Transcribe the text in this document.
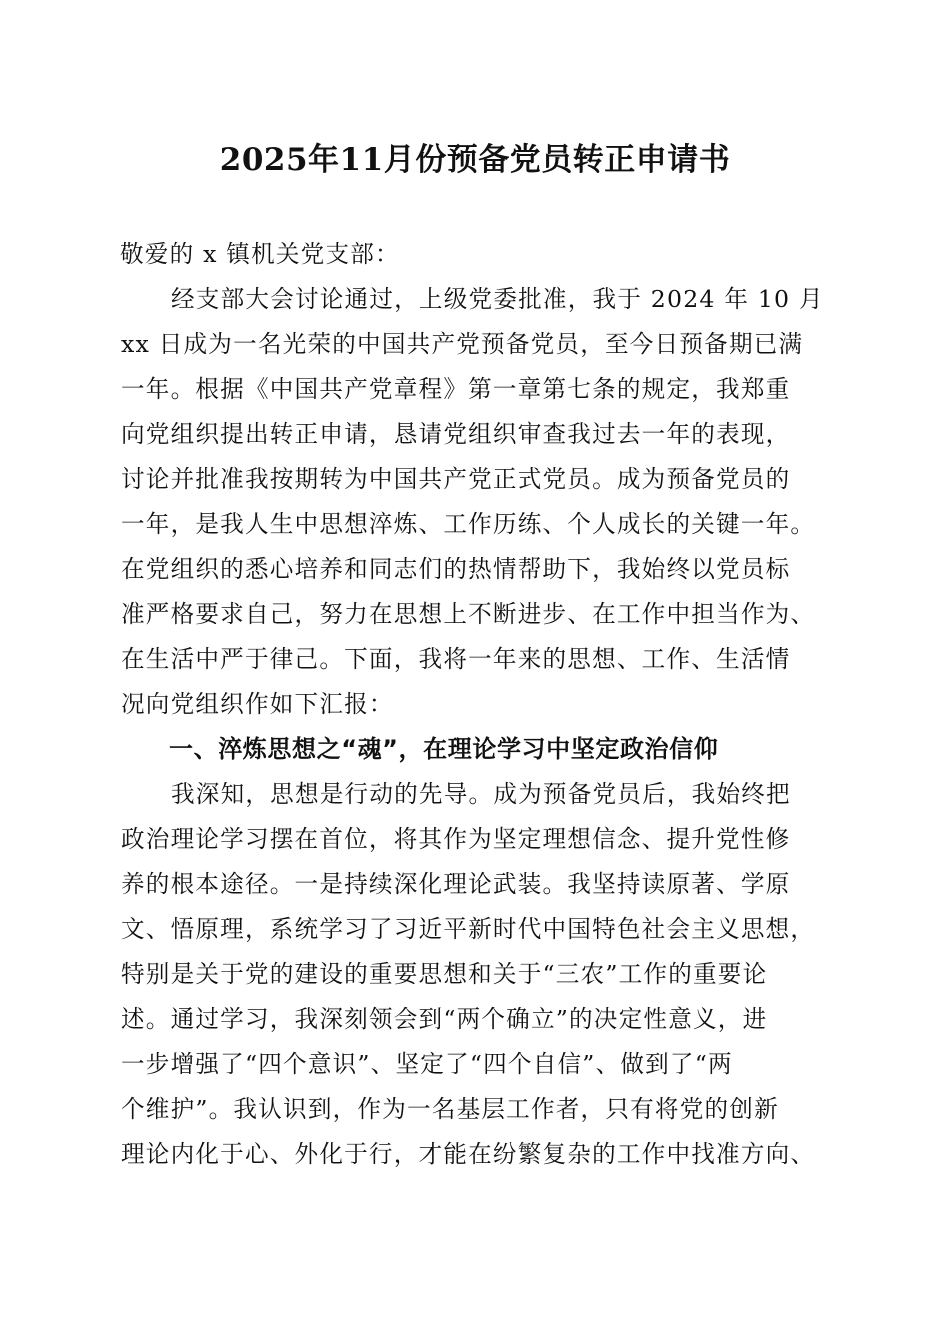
2025年11月份预备党员转正申请书
敬爱的 x 镇机关党支部：
经支部大会讨论通过，上级党委批准，我于 2024 年 10 月
xx 日成为一名光荣的中国共产党预备党员，至今日预备期已满
一年。根据《中国共产党章程》第一章第七条的规定，我郑重
向党组织提出转正申请，恳请党组织审查我过去一年的表现，
讨论并批准我按期转为中国共产党正式党员。成为预备党员的
一年，是我人生中思想淬炼、工作历练、个人成长的关键一年。
在党组织的悉心培养和同志们的热情帮助下，我始终以党员标
准严格要求自己，努力在思想上不断进步、在工作中担当作为、
在生活中严于律己。下面，我将一年来的思想、工作、生活情
况向党组织作如下汇报：
一、淬炼思想之“魂”，在理论学习中坚定政治信仰
我深知，思想是行动的先导。成为预备党员后，我始终把
政治理论学习摆在首位，将其作为坚定理想信念、提升党性修
养的根本途径。一是持续深化理论武装。我坚持读原著、学原
文、悟原理，系统学习了习近平新时代中国特色社会主义思想，
特别是关于党的建设的重要思想和关于“三农”工作的重要论
述。通过学习，我深刻领会到“两个确立”的决定性意义，进
一步增强了“四个意识”、坚定了“四个自信”、做到了“两
个维护”。我认识到，作为一名基层工作者，只有将党的创新
理论内化于心、外化于行，才能在纷繁复杂的工作中找准方向、
